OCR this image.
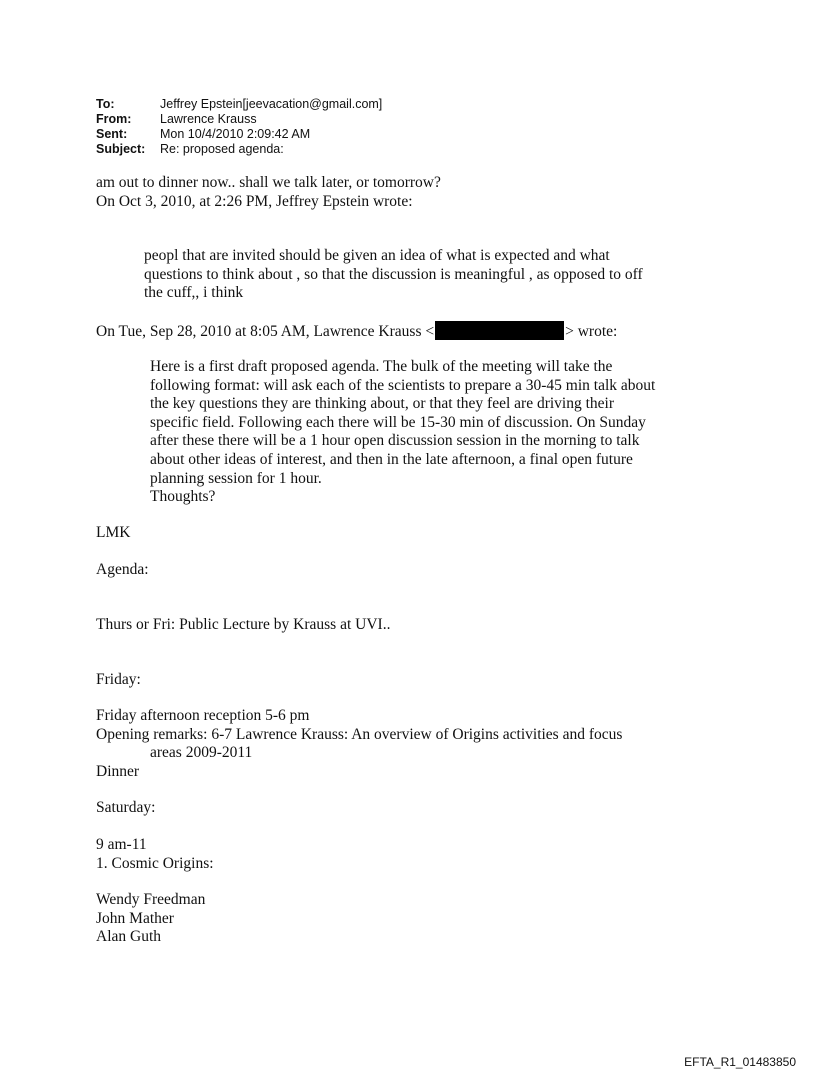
To:	Jeffrey Epstein[jeevacation@gmail.com]
From:	Lawrence Krauss
Sent:	Mon 10/4/2010 2:09:42 AM
Subject:	Re: proposed agenda:

am out to dinner now.. shall we talk later, or tomorrow?

On Oct 3, 2010, at 2:26 PM, Jeffrey Epstein wrote:

peopl that are invited should be given an idea of what is expected and what

questions to think about , so that the discussion is meaningful , as opposed to off

the cuff,, i think

On Tue, Sep 28, 2010 at 8:05 AM, Lawrence Krauss <	> wrote:

Here is a first draft proposed agenda. The bulk of the meeting will take the

following format: will ask each of the scientists to prepare a 30-45 min talk about

the key questions they are thinking about, or that they feel are driving their

specific field. Following each there will be 15-30 min of discussion. On Sunday

after these there will be a 1 hour open discussion session in the morning to talk

about other ideas of interest, and then in the late afternoon, a final open future

planning session for 1 hour.

Thoughts?

LMK
Agenda:
Thurs or Fri: Public Lecture by Krauss at UVI..
Friday:

Friday afternoon reception 5-6 pm

Opening remarks: 6-7 Lawrence Krauss: An overview of Origins activities and focus

areas 2009-2011

Dinner

Saturday:

9 am-11

1. Cosmic Origins:

Wendy Freedman

John Mather

Alan Guth

EFTA_R1_01483850
